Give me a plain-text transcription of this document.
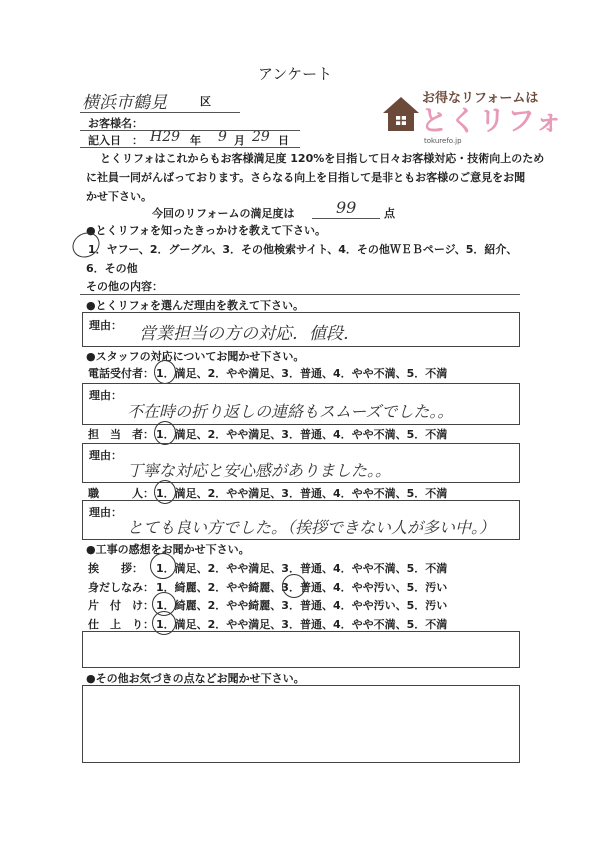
アンケート
横浜市鶴見	区
お客様名：
記入日　： H29 年 9 月 29 日
お得なリフォームは
とくリフォ
tokurefo.jp
とくリフォはこれからもお客様満足度 120%を目指して日々お客様対応・技術向上のため
に社員一同がんばっております。さらなる向上を目指して是非ともお客様のご意見をお聞
かせ下さい。
今回のリフォームの満足度は	99	点
●とくリフォを知ったきっかけを教えて下さい。
1．ヤフー、2．グーグル、3．その他検索サイト、4．その他ＷＥＢページ、5．紹介、
6．その他
その他の内容：
●とくリフォを選んだ理由を教えて下さい。
理由： 営業担当の方の対応．値段．
●スタッフの対応についてお聞かせ下さい。
電話受付者： 1．満足、2．やや満足、3．普通、4．やや不満、5．不満
理由：
不在時の折り返しの連絡もスムーズでした。。
担　当　者： 1．満足、2．やや満足、3．普通、4．やや不満、5．不満
理由：
丁寧な対応と安心感がありました。。
職　　　人： 1．満足、2．やや満足、3．普通、4．やや不満、5．不満
理由：
とても良い方でした。（挨拶できない人が多い中。）
●工事の感想をお聞かせ下さい。
挨　　拶： 1．満足、2．やや満足、3．普通、4．やや不満、5．不満
身だしなみ： 1．綺麗、2．やや綺麗、3．普通、4．やや汚い、5．汚い
片　付　け： 1．綺麗、2．やや綺麗、3．普通、4．やや汚い、5．汚い
仕　上　り： 1．満足、2．やや満足、3．普通、4．やや不満、5．不満
●その他お気づきの点などお聞かせ下さい。
